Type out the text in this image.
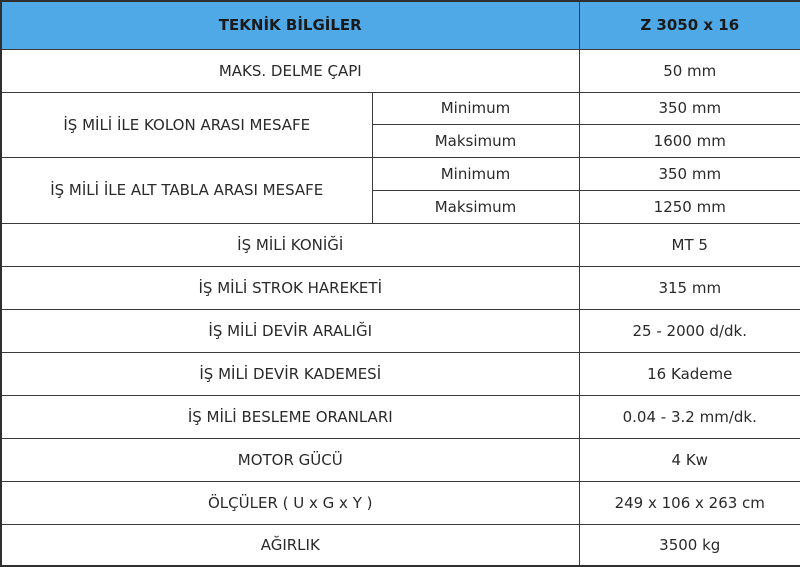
TEKNİK BİLGİLER		Z 3050 x 16
MAKS. DELME ÇAPI		50 mm
İŞ MİLİ İLE KOLON ARASI MESAFE	Minimum	350 mm
	Maksimum	1600 mm
İŞ MİLİ İLE ALT TABLA ARASI MESAFE	Minimum	350 mm
	Maksimum	1250 mm
İŞ MİLİ KONİĞİ		MT 5
İŞ MİLİ STROK HAREKETİ		315 mm
İŞ MİLİ DEVİR ARALIĞI		25 - 2000 d/dk.
İŞ MİLİ DEVİR KADEMESİ		16 Kademe
İŞ MİLİ BESLEME ORANLARI		0.04 - 3.2 mm/dk.
MOTOR GÜCÜ		4 Kw
ÖLÇÜLER ( U x G x Y )		249 x 106 x 263 cm
AĞIRLIK		3500 kg
